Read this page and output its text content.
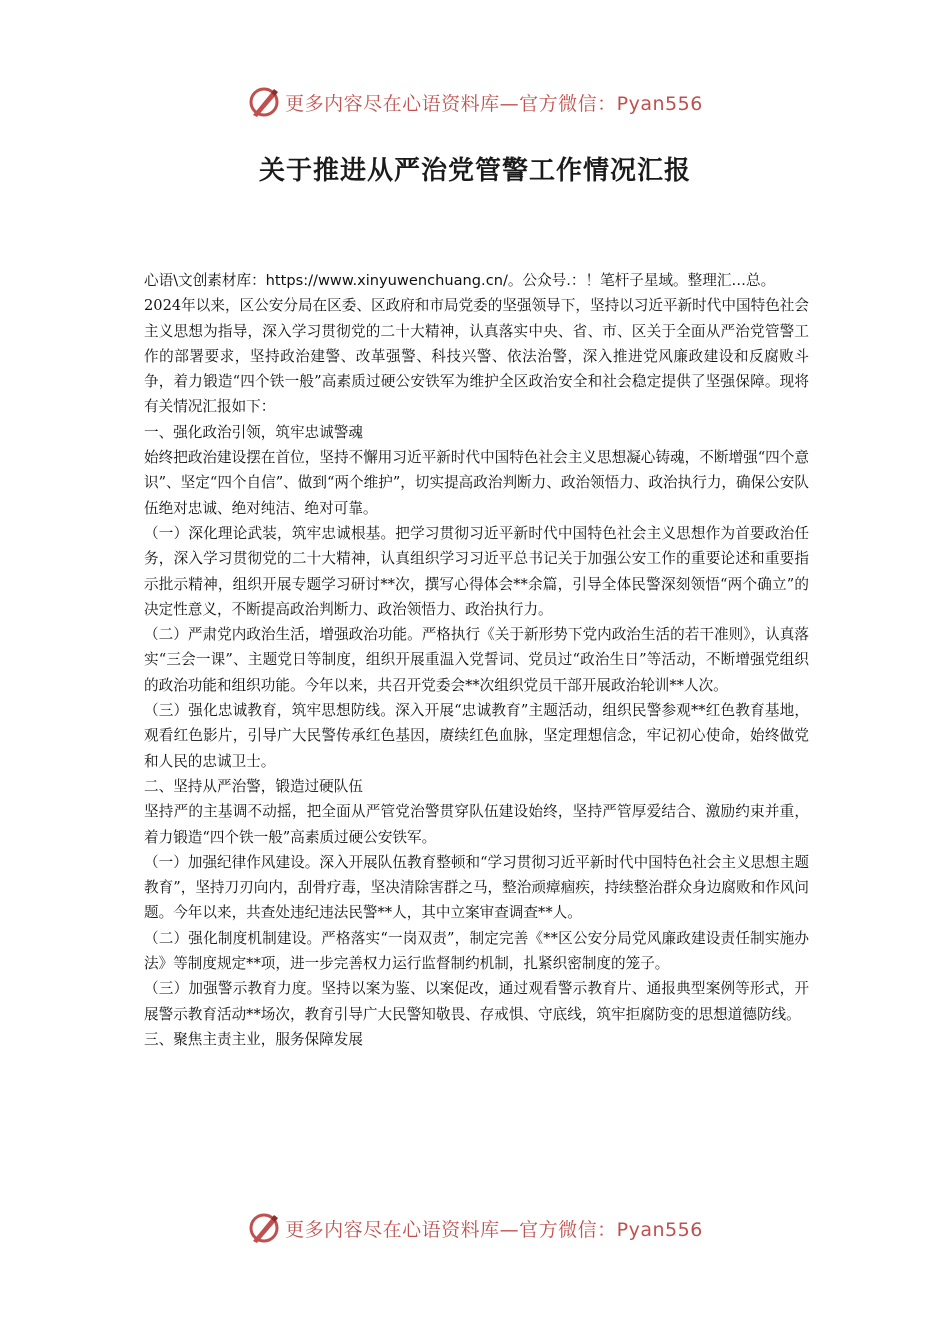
更多内容尽在心语资料库—官方微信：Pyan556
关于推进从严治党管警工作情况汇报

心语\文创素材库：https://www.xinyuwenchuang.cn/。公众号.：！笔杆子星域。整理汇…总。

2024年以来，区公安分局在区委、区政府和市局党委的坚强领导下，坚持以习近平新时代中国特色社会主义思想为指导，深入学习贯彻党的二十大精神，认真落实中央、省、市、区关于全面从严治党管警工作的部署要求，坚持政治建警、改革强警、科技兴警、依法治警，深入推进党风廉政建设和反腐败斗争，着力锻造“四个铁一般”高素质过硬公安铁军为维护全区政治安全和社会稳定提供了坚强保障。现将有关情况汇报如下：

一、强化政治引领，筑牢忠诚警魂

始终把政治建设摆在首位，坚持不懈用习近平新时代中国特色社会主义思想凝心铸魂，不断增强“四个意识”、坚定“四个自信”、做到“两个维护”，切实提高政治判断力、政治领悟力、政治执行力，确保公安队伍绝对忠诚、绝对纯洁、绝对可靠。

（一）深化理论武装，筑牢忠诚根基。把学习贯彻习近平新时代中国特色社会主义思想作为首要政治任务，深入学习贯彻党的二十大精神，认真组织学习习近平总书记关于加强公安工作的重要论述和重要指示批示精神，组织开展专题学习研讨**次，撰写心得体会**余篇，引导全体民警深刻领悟“两个确立”的决定性意义，不断提高政治判断力、政治领悟力、政治执行力。

（二）严肃党内政治生活，增强政治功能。严格执行《关于新形势下党内政治生活的若干准则》，认真落实“三会一课”、主题党日等制度，组织开展重温入党誓词、党员过“政治生日”等活动，不断增强党组织的政治功能和组织功能。今年以来，共召开党委会**次组织党员干部开展政治轮训**人次。

（三）强化忠诚教育，筑牢思想防线。深入开展“忠诚教育”主题活动，组织民警参观**红色教育基地，观看红色影片，引导广大民警传承红色基因，赓续红色血脉，坚定理想信念，牢记初心使命，始终做党和人民的忠诚卫士。

二、坚持从严治警，锻造过硬队伍

坚持严的主基调不动摇，把全面从严管党治警贯穿队伍建设始终，坚持严管厚爱结合、激励约束并重，着力锻造“四个铁一般”高素质过硬公安铁军。

（一）加强纪律作风建设。深入开展队伍教育整顿和“学习贯彻习近平新时代中国特色社会主义思想主题教育”，坚持刀刃向内，刮骨疗毒，坚决清除害群之马，整治顽瘴痼疾，持续整治群众身边腐败和作风问题。今年以来，共查处违纪违法民警**人，其中立案审查调查**人。

（二）强化制度机制建设。严格落实“一岗双责”，制定完善《**区公安分局党风廉政建设责任制实施办法》等制度规定**项，进一步完善权力运行监督制约机制，扎紧织密制度的笼子。

（三）加强警示教育力度。坚持以案为鉴、以案促改，通过观看警示教育片、通报典型案例等形式，开展警示教育活动**场次，教育引导广大民警知敬畏、存戒惧、守底线，筑牢拒腐防变的思想道德防线。

三、聚焦主责主业，服务保障发展

更多内容尽在心语资料库—官方微信：Pyan556
